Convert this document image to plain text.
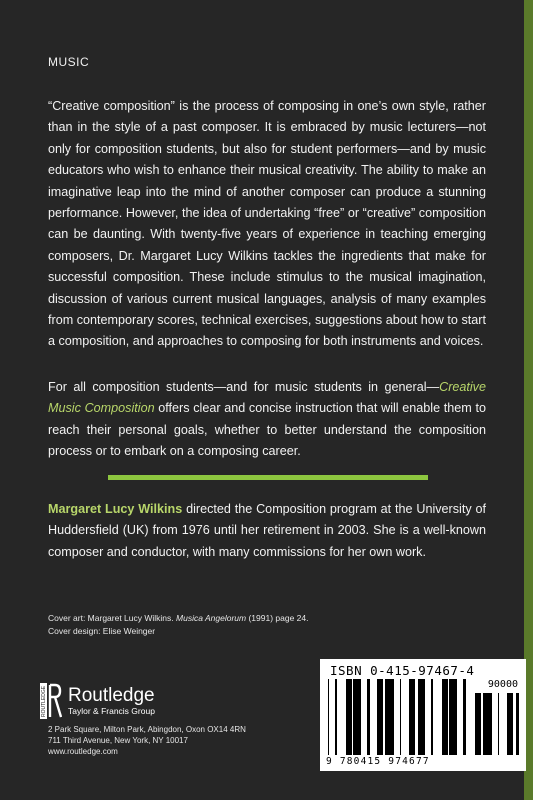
MUSIC

“Creative composition” is the process of composing in one’s own style, rather than in the style of a past composer. It is embraced by music lecturers—not only for composition students, but also for student performers—and by music educators who wish to enhance their musical creativity. The ability to make an imaginative leap into the mind of another composer can produce a stunning performance. However, the idea of undertaking “free” or “creative” composition can be daunting. With twenty-five years of experience in teaching emerging composers, Dr. Margaret Lucy Wilkins tackles the ingredients that make for successful composition. These include stimulus to the musical imagination, discussion of various current musical languages, analysis of many examples from contemporary scores, technical exercises, suggestions about how to start a composition, and approaches to composing for both instruments and voices.

For all composition students—and for music students in general—Creative Music Composition offers clear and concise instruction that will enable them to reach their personal goals, whether to better understand the composition process or to embark on a composing career.

Margaret Lucy Wilkins directed the Composition program at the University of Huddersfield (UK) from 1976 until her retirement in 2003. She is a well-known composer and conductor, with many commissions for her own work.

Cover art: Margaret Lucy Wilkins. Musica Angelorum (1991) page 24.
Cover design: Elise Weinger
ROUTLEDGE Routledge
Taylor & Francis Group
2 Park Square, Milton Park, Abingdon, Oxon OX14 4RN
711 Third Avenue, New York, NY 10017
www.routledge.com
ISBN 0-415-97467-4
90000
9 780415 974677
